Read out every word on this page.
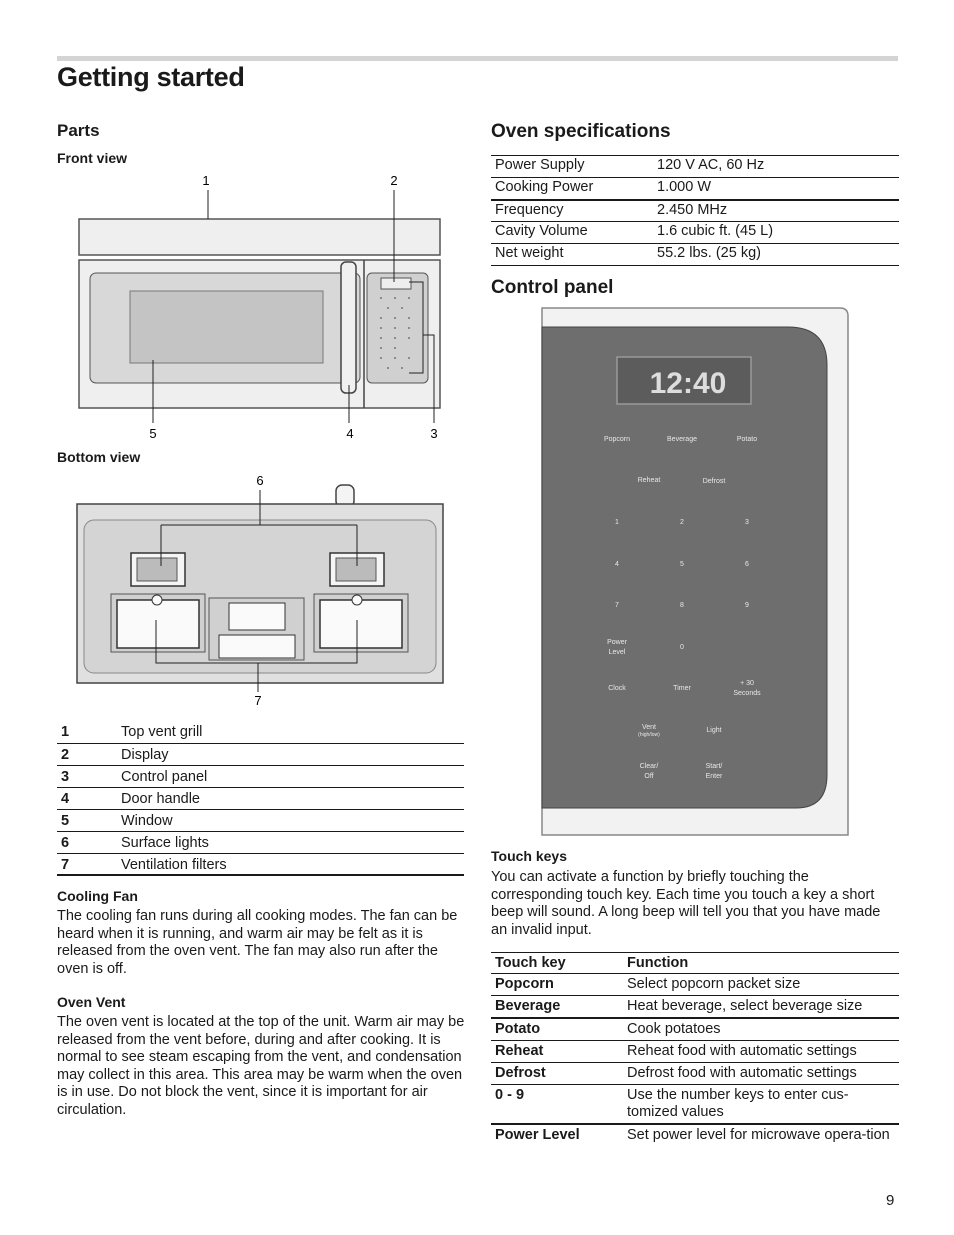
Getting started
Parts
Front view
1	2
5	4	3
Bottom view
6
7
1	Top vent grill
2	Display
3	Control panel
4	Door handle
5	Window
6	Surface lights
7	Ventilation filters
Cooling Fan
The cooling fan runs during all cooking modes. The fan can be heard when it is running, and warm air may be felt as it is released from the oven vent. The fan may also run after the oven is off.
Oven Vent
The oven vent is located at the top of the unit. Warm air may be released from the vent before, during and after cooking. It is normal to see steam escaping from the vent, and condensation may collect in this area. This area may be warm when the oven is in use. Do not block the vent, since it is important for air circulation.
Oven specifications
Power Supply	120 V AC, 60 Hz
Cooking Power	1.000 W
Frequency	2.450 MHz
Cavity Volume	1.6 cubic ft. (45 L)
Net weight	55.2 lbs. (25 kg)
Control panel
12:40
Popcorn	Beverage	Potato
Reheat	Defrost
1	2	3
4	5	6
7	8	9
Power
Level
0
Clock	Timer
+ 30
Seconds
Vent
(high/low)
Light
Clear/
Off
Start/
Enter
Touch keys
You can activate a function by briefly touching the corresponding touch key. Each time you touch a key a short beep will sound. A long beep will tell you that you have made an invalid input.
Touch key	Function
Popcorn	Select popcorn packet size
Beverage	Heat beverage, select beverage size
Potato	Cook potatoes
Reheat	Reheat food with automatic settings
Defrost	Defrost food with automatic settings
0 - 9	Use the number keys to enter cus-tomized values
Power Level	Set power level for microwave opera-tion
9
